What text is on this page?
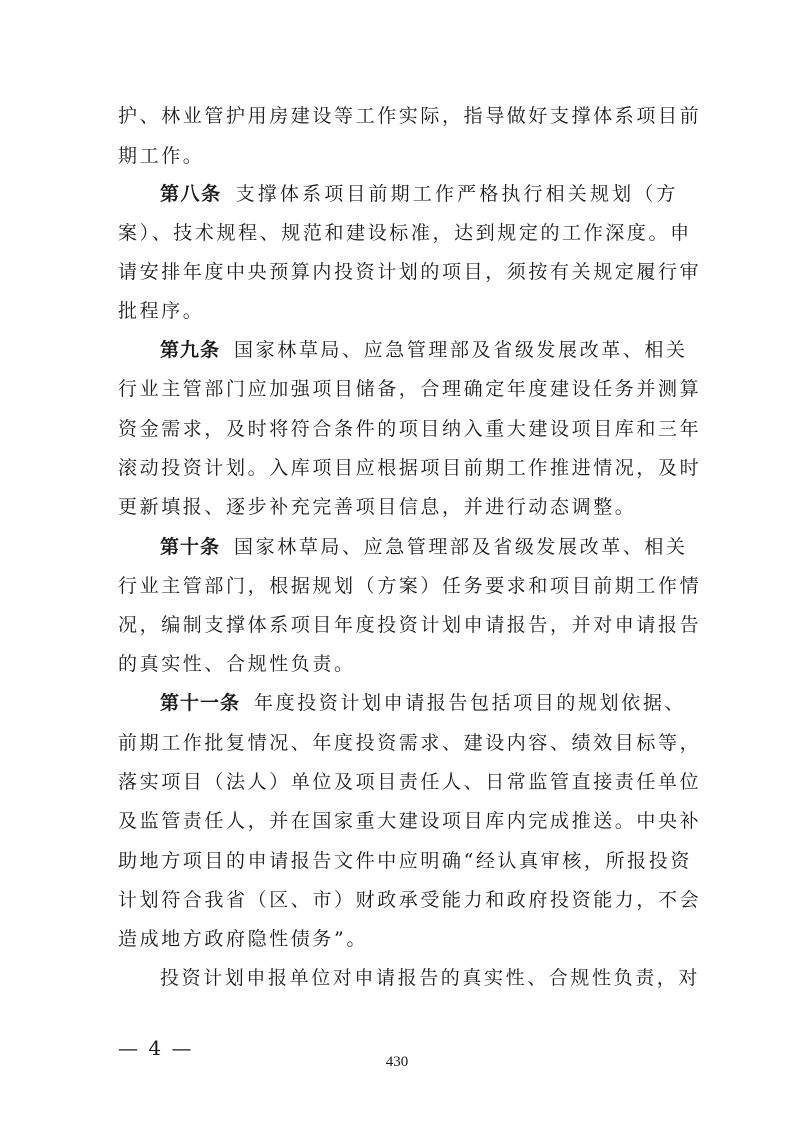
护、林业管护用房建设等工作实际，指导做好支撑体系项目前
期工作。
第八条 支撑体系项目前期工作严格执行相关规划（方
案）、技术规程、规范和建设标准，达到规定的工作深度。申
请安排年度中央预算内投资计划的项目，须按有关规定履行审
批程序。
第九条 国家林草局、应急管理部及省级发展改革、相关
行业主管部门应加强项目储备，合理确定年度建设任务并测算
资金需求，及时将符合条件的项目纳入重大建设项目库和三年
滚动投资计划。入库项目应根据项目前期工作推进情况，及时
更新填报、逐步补充完善项目信息，并进行动态调整。
第十条 国家林草局、应急管理部及省级发展改革、相关
行业主管部门，根据规划（方案）任务要求和项目前期工作情
况，编制支撑体系项目年度投资计划申请报告，并对申请报告
的真实性、合规性负责。
第十一条 年度投资计划申请报告包括项目的规划依据、
前期工作批复情况、年度投资需求、建设内容、绩效目标等，
落实项目（法人）单位及项目责任人、日常监管直接责任单位
及监管责任人，并在国家重大建设项目库内完成推送。中央补
助地方项目的申请报告文件中应明确“经认真审核，所报投资
计划符合我省（区、市）财政承受能力和政府投资能力，不会
造成地方政府隐性债务”。
投资计划申报单位对申请报告的真实性、合规性负责，对
— 4 —
430
